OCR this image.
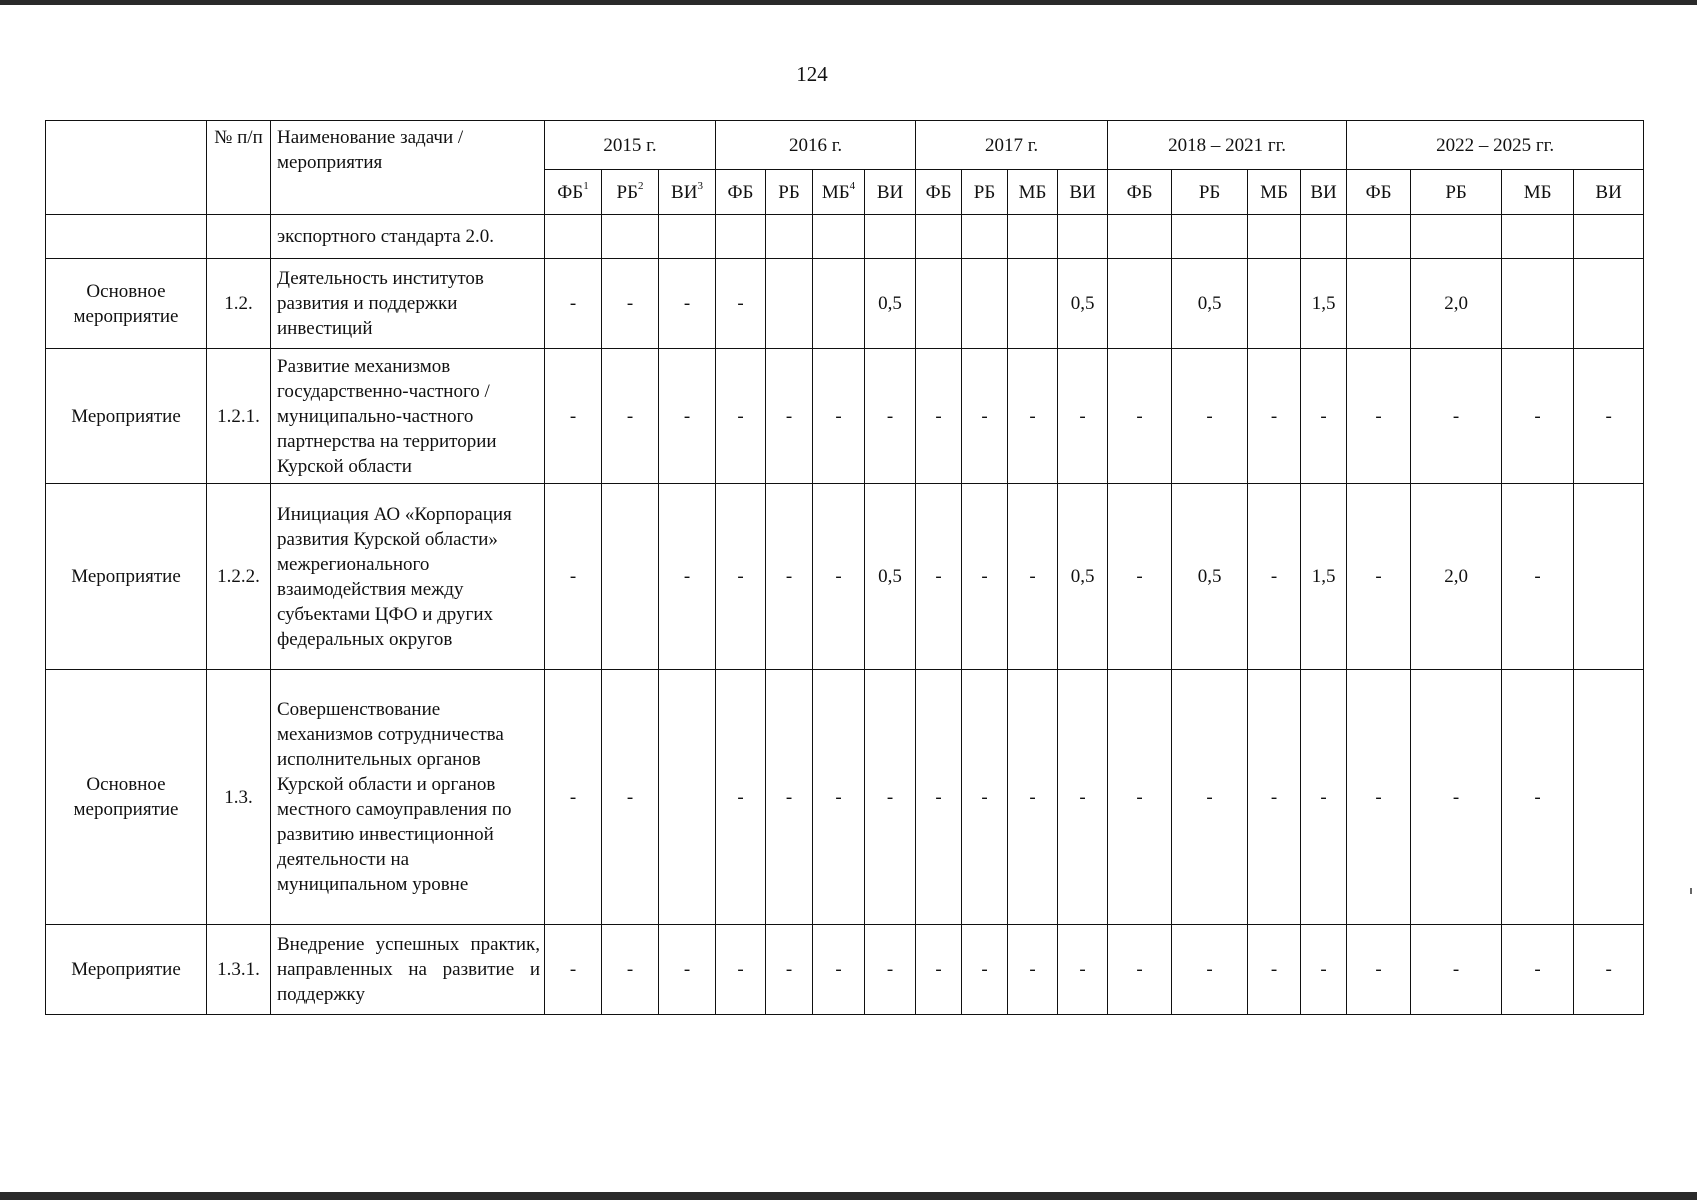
124
	№ п/п	Наименование задачи / мероприятия	2015 г.			2016 г.				2017 г.				2018 – 2021 гг.				2022 – 2025 гг.			
			$ФБ^1$	$РБ^2$	$ВИ^3$	ФБ	РБ	$МБ^4$	ВИ	ФБ	РБ	МБ	ВИ	ФБ	РБ	МБ	ВИ	ФБ	РБ	МБ	ВИ
		экспортного стандарта 2.0.																			
Основное мероприятие	1.2.	Деятельность институтов развития и поддержки инвестиций	-	-	-	-			0,5				0,5		0,5		1,5		2,0		
Мероприятие	1.2.1.	Развитие механизмов государственно-частного /муниципально-частного партнерства на территории Курской области	-	-	-	-	-	-	-	-	-	-	-	-	-	-	-	-	-	-	-
Мероприятие	1.2.2.	Инициация АО «Корпорация развития Курской области» межрегионального взаимодействия между субъектами ЦФО и других федеральных округов	-		-	-	-	-	0,5	-	-	-	0,5	-	0,5	-	1,5	-	2,0	-	
Основное мероприятие	1.3.	Совершенствование механизмов сотрудничества исполнительных органов Курской области и органов местного самоуправления по развитию инвестиционной деятельности на муниципальном уровне	-	-		-	-	-	-	-	-	-	-	-	-	-	-	-	-	-	
Мероприятие	1.3.1.	Внедрение успешных практик, направленных на развитие и поддержку	-	-	-	-	-	-	-	-	-	-	-	-	-	-	-	-	-	-	-
